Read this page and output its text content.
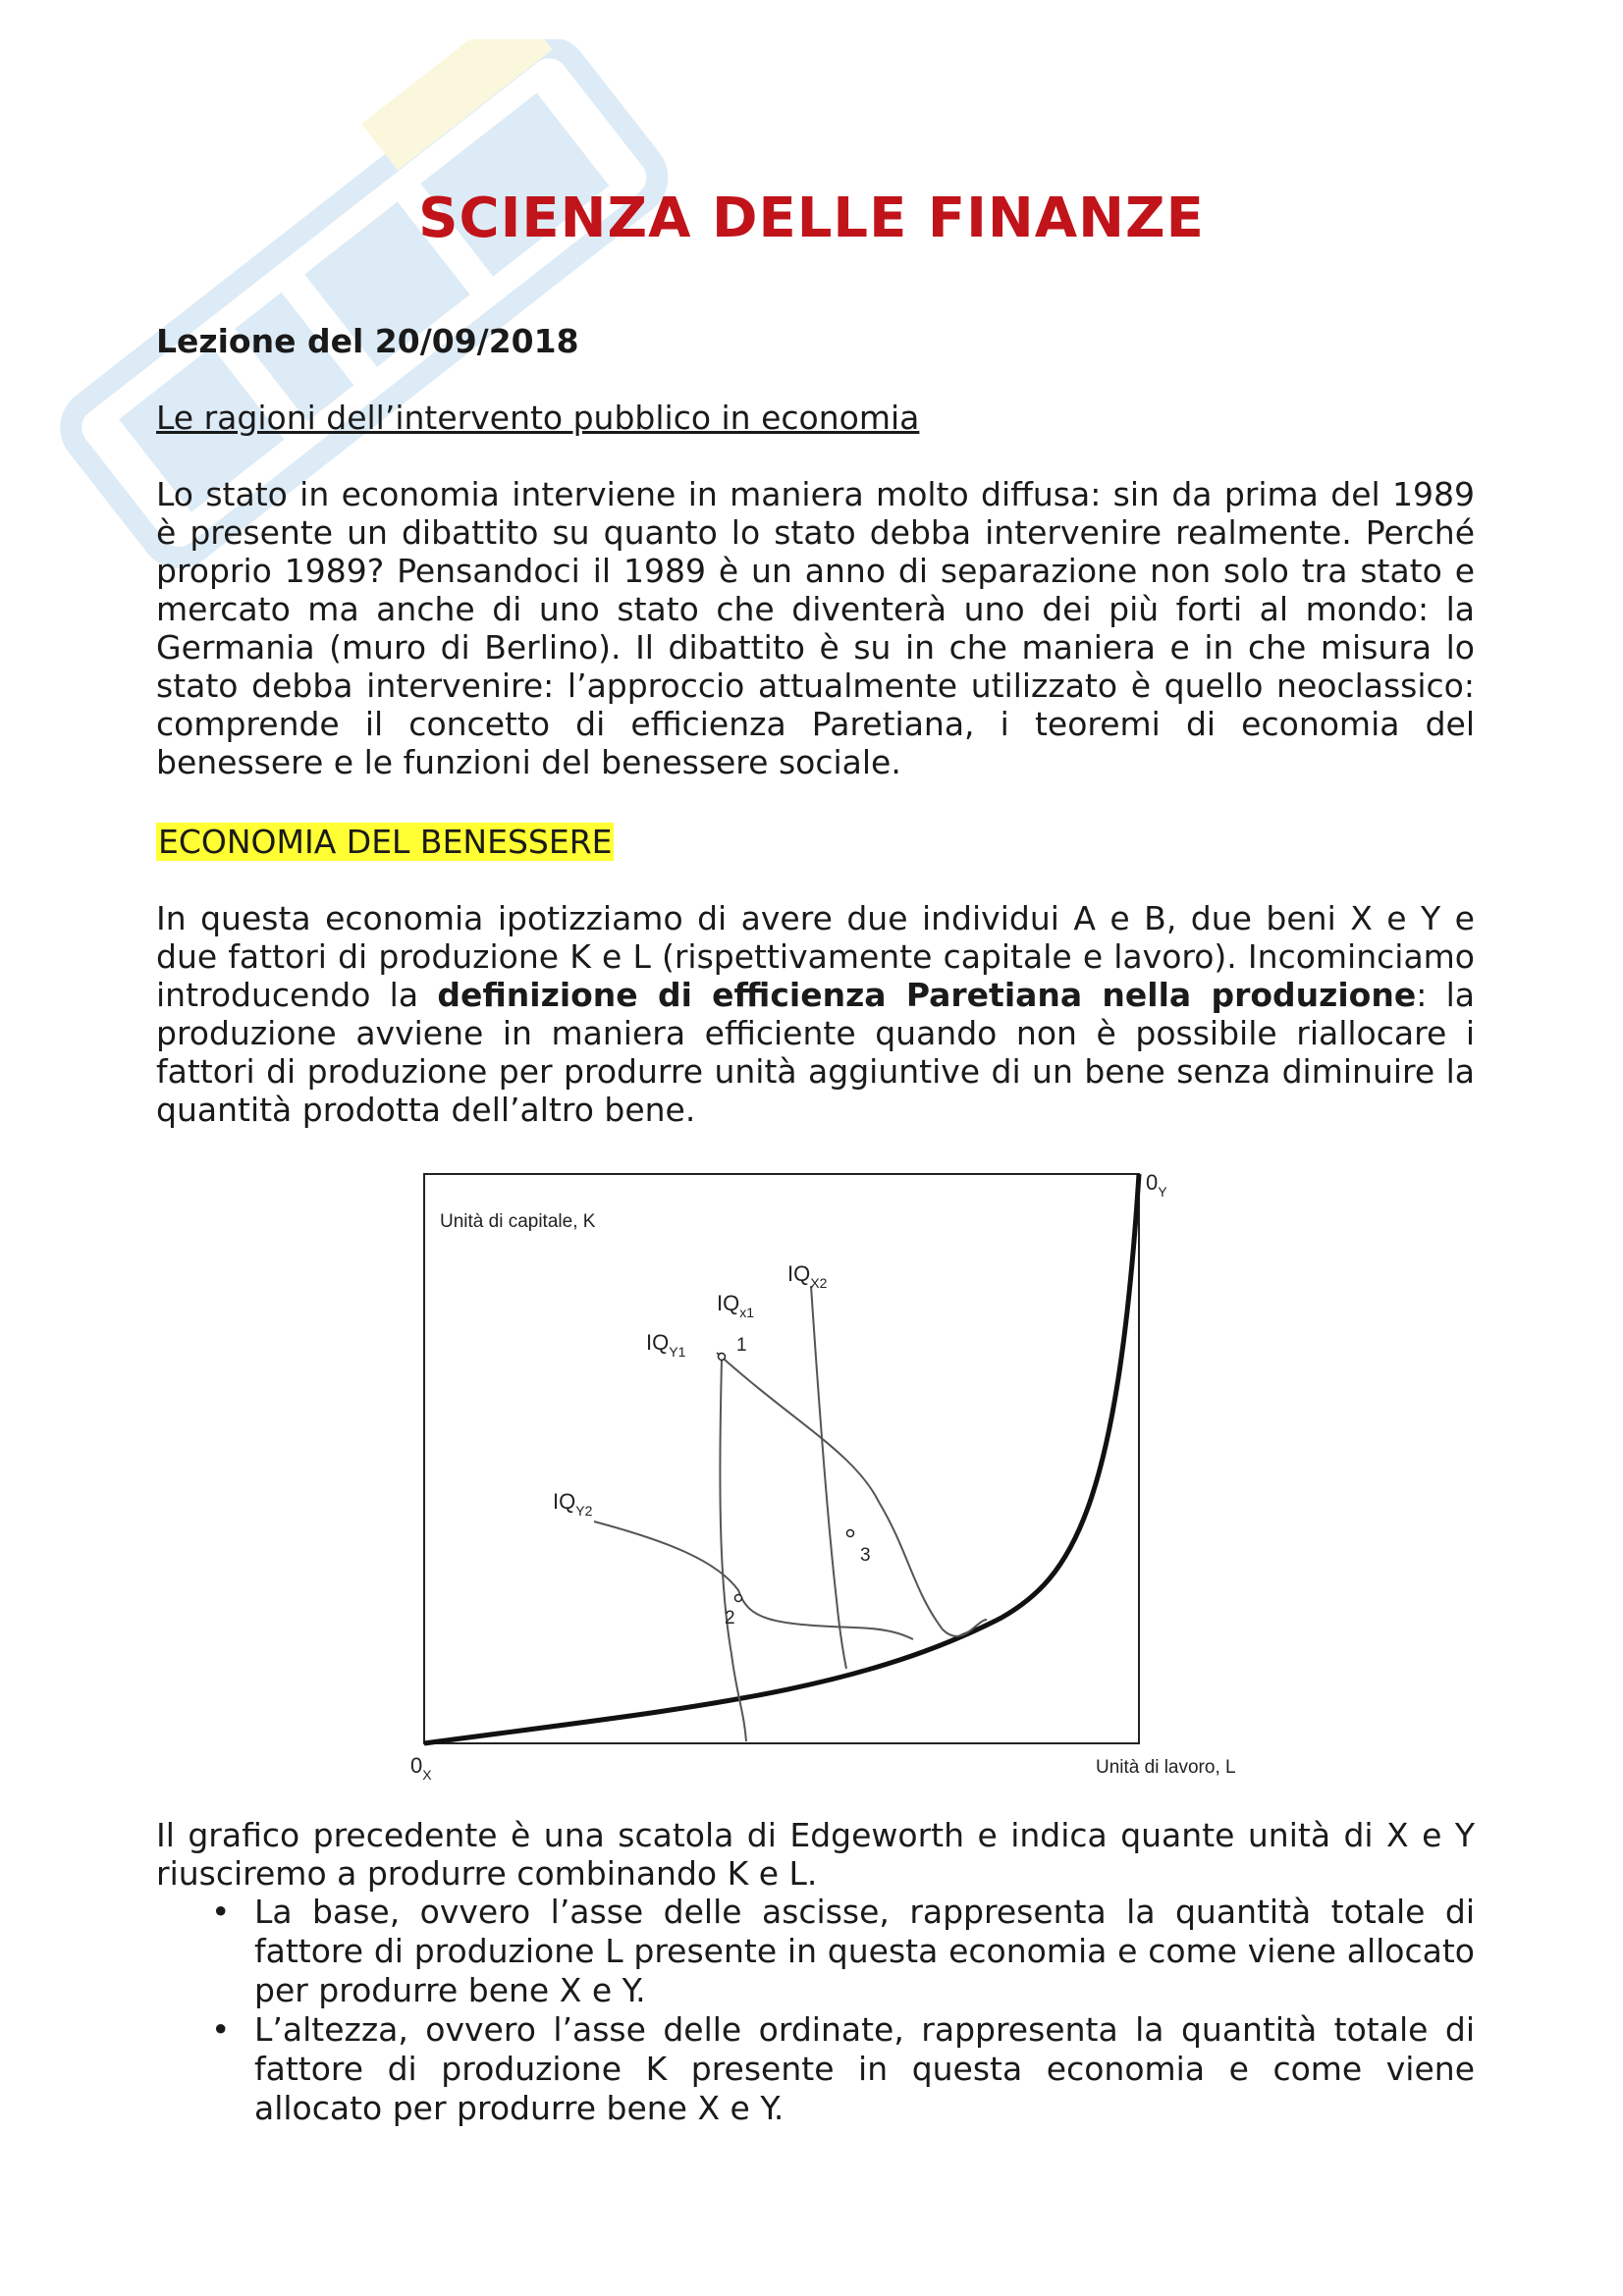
SCIENZA DELLE FINANZE
Lezione del 20/09/2018
Le ragioni dell’intervento pubblico in economia

Lo stato in economia interviene in maniera molto diffusa: sin da prima del 1989 è presente un dibattito su quanto lo stato debba intervenire realmente. Perché proprio 1989? Pensandoci il 1989 è un anno di separazione non solo tra stato e mercato ma anche di uno stato che diventerà uno dei più forti al mondo: la Germania (muro di Berlino). Il dibattito è su in che maniera e in che misura lo stato debba intervenire: l’approccio attualmente utilizzato è quello neoclassico: comprende il concetto di efficienza Paretiana, i teoremi di economia del benessere e le funzioni del benessere sociale.

ECONOMIA DEL BENESSERE

In questa economia ipotizziamo di avere due individui A e B, due beni X e Y e due fattori di produzione K e L (rispettivamente capitale e lavoro). Incominciamo introducendo la definizione di efficienza Paretiana nella produzione: la produzione avviene in maniera efficiente quando non è possibile riallocare i fattori di produzione per produrre unità aggiuntive di un bene senza diminuire la quantità prodotta dell’altro bene.

Unità di capitale, K
Unità di lavoro, L
$0_X$
$0_Y$
1
2
3
$IQ_{x1}$
$IQ_{X2}$
$IQ_{Y1}$
$IQ_{Y2}$

Il grafico precedente è una scatola di Edgeworth e indica quante unità di X e Y riusciremo a produrre combinando K e L.

• La base, ovvero l’asse delle ascisse, rappresenta la quantità totale di fattore di produzione L presente in questa economia e come viene allocato per produrre bene X e Y.
• L’altezza, ovvero l’asse delle ordinate, rappresenta la quantità totale di fattore di produzione K presente in questa economia e come viene allocato per produrre bene X e Y.
